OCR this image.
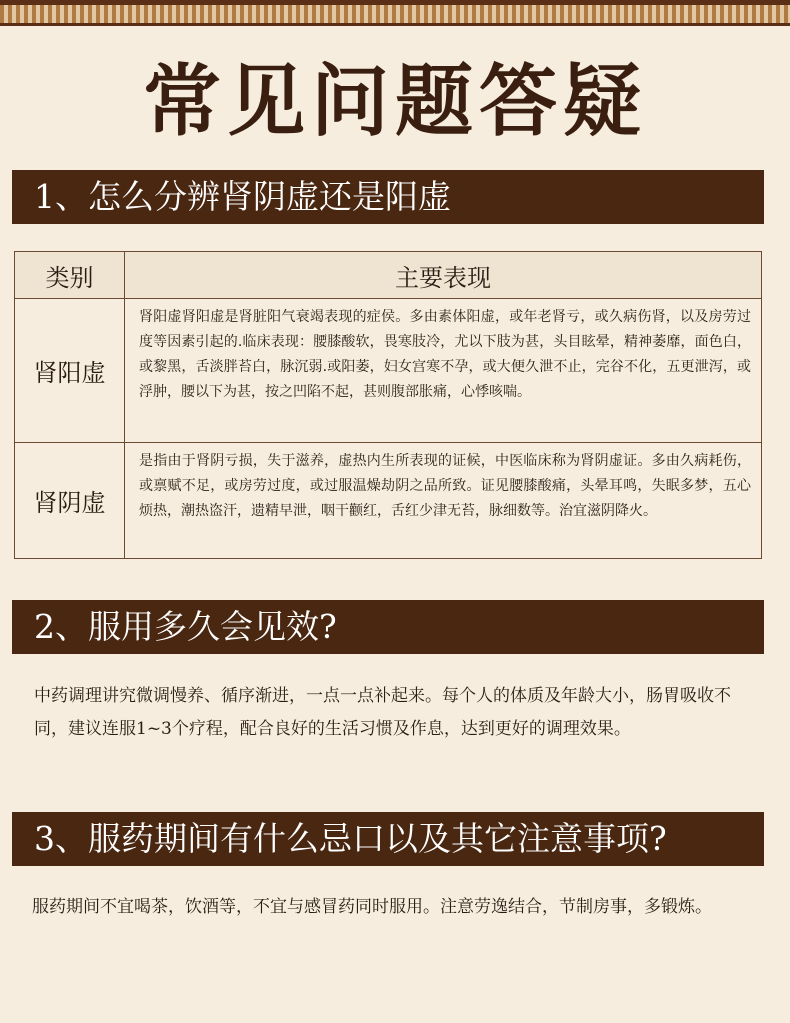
常见问题答疑
1、怎么分辨肾阴虚还是阳虚
类别	主要表现
肾阳虚	肾阳虚肾阳虚是肾脏阳气衰竭表现的症侯。多由素体阳虚，或年老肾亏，或久病伤肾，以及房劳过度等因素引起的.临床表现：腰膝酸软，畏寒肢冷，尤以下肢为甚，头目眩晕，精神萎靡，面色白，或黎黑，舌淡胖苔白，脉沉弱.或阳萎，妇女宫寒不孕，或大便久泄不止，完谷不化，五更泄泻，或浮肿，腰以下为甚，按之凹陷不起，甚则腹部胀痛，心悸咳喘。
肾阴虚	是指由于肾阴亏损，失于滋养，虚热内生所表现的证候，中医临床称为肾阴虚证。多由久病耗伤，或禀赋不足，或房劳过度，或过服温燥劫阴之品所致。证见腰膝酸痛，头晕耳鸣，失眠多梦，五心烦热，潮热盗汗，遗精早泄，咽干颧红，舌红少津无苔，脉细数等。治宜滋阴降火。
2、服用多久会见效?
中药调理讲究微调慢养、循序渐进，一点一点补起来。每个人的体质及年龄大小，肠胃吸收不同，建议连服1~3个疗程，配合良好的生活习惯及作息，达到更好的调理效果。
3、服药期间有什么忌口以及其它注意事项?
服药期间不宜喝茶，饮酒等，不宜与感冒药同时服用。注意劳逸结合，节制房事，多锻炼。
